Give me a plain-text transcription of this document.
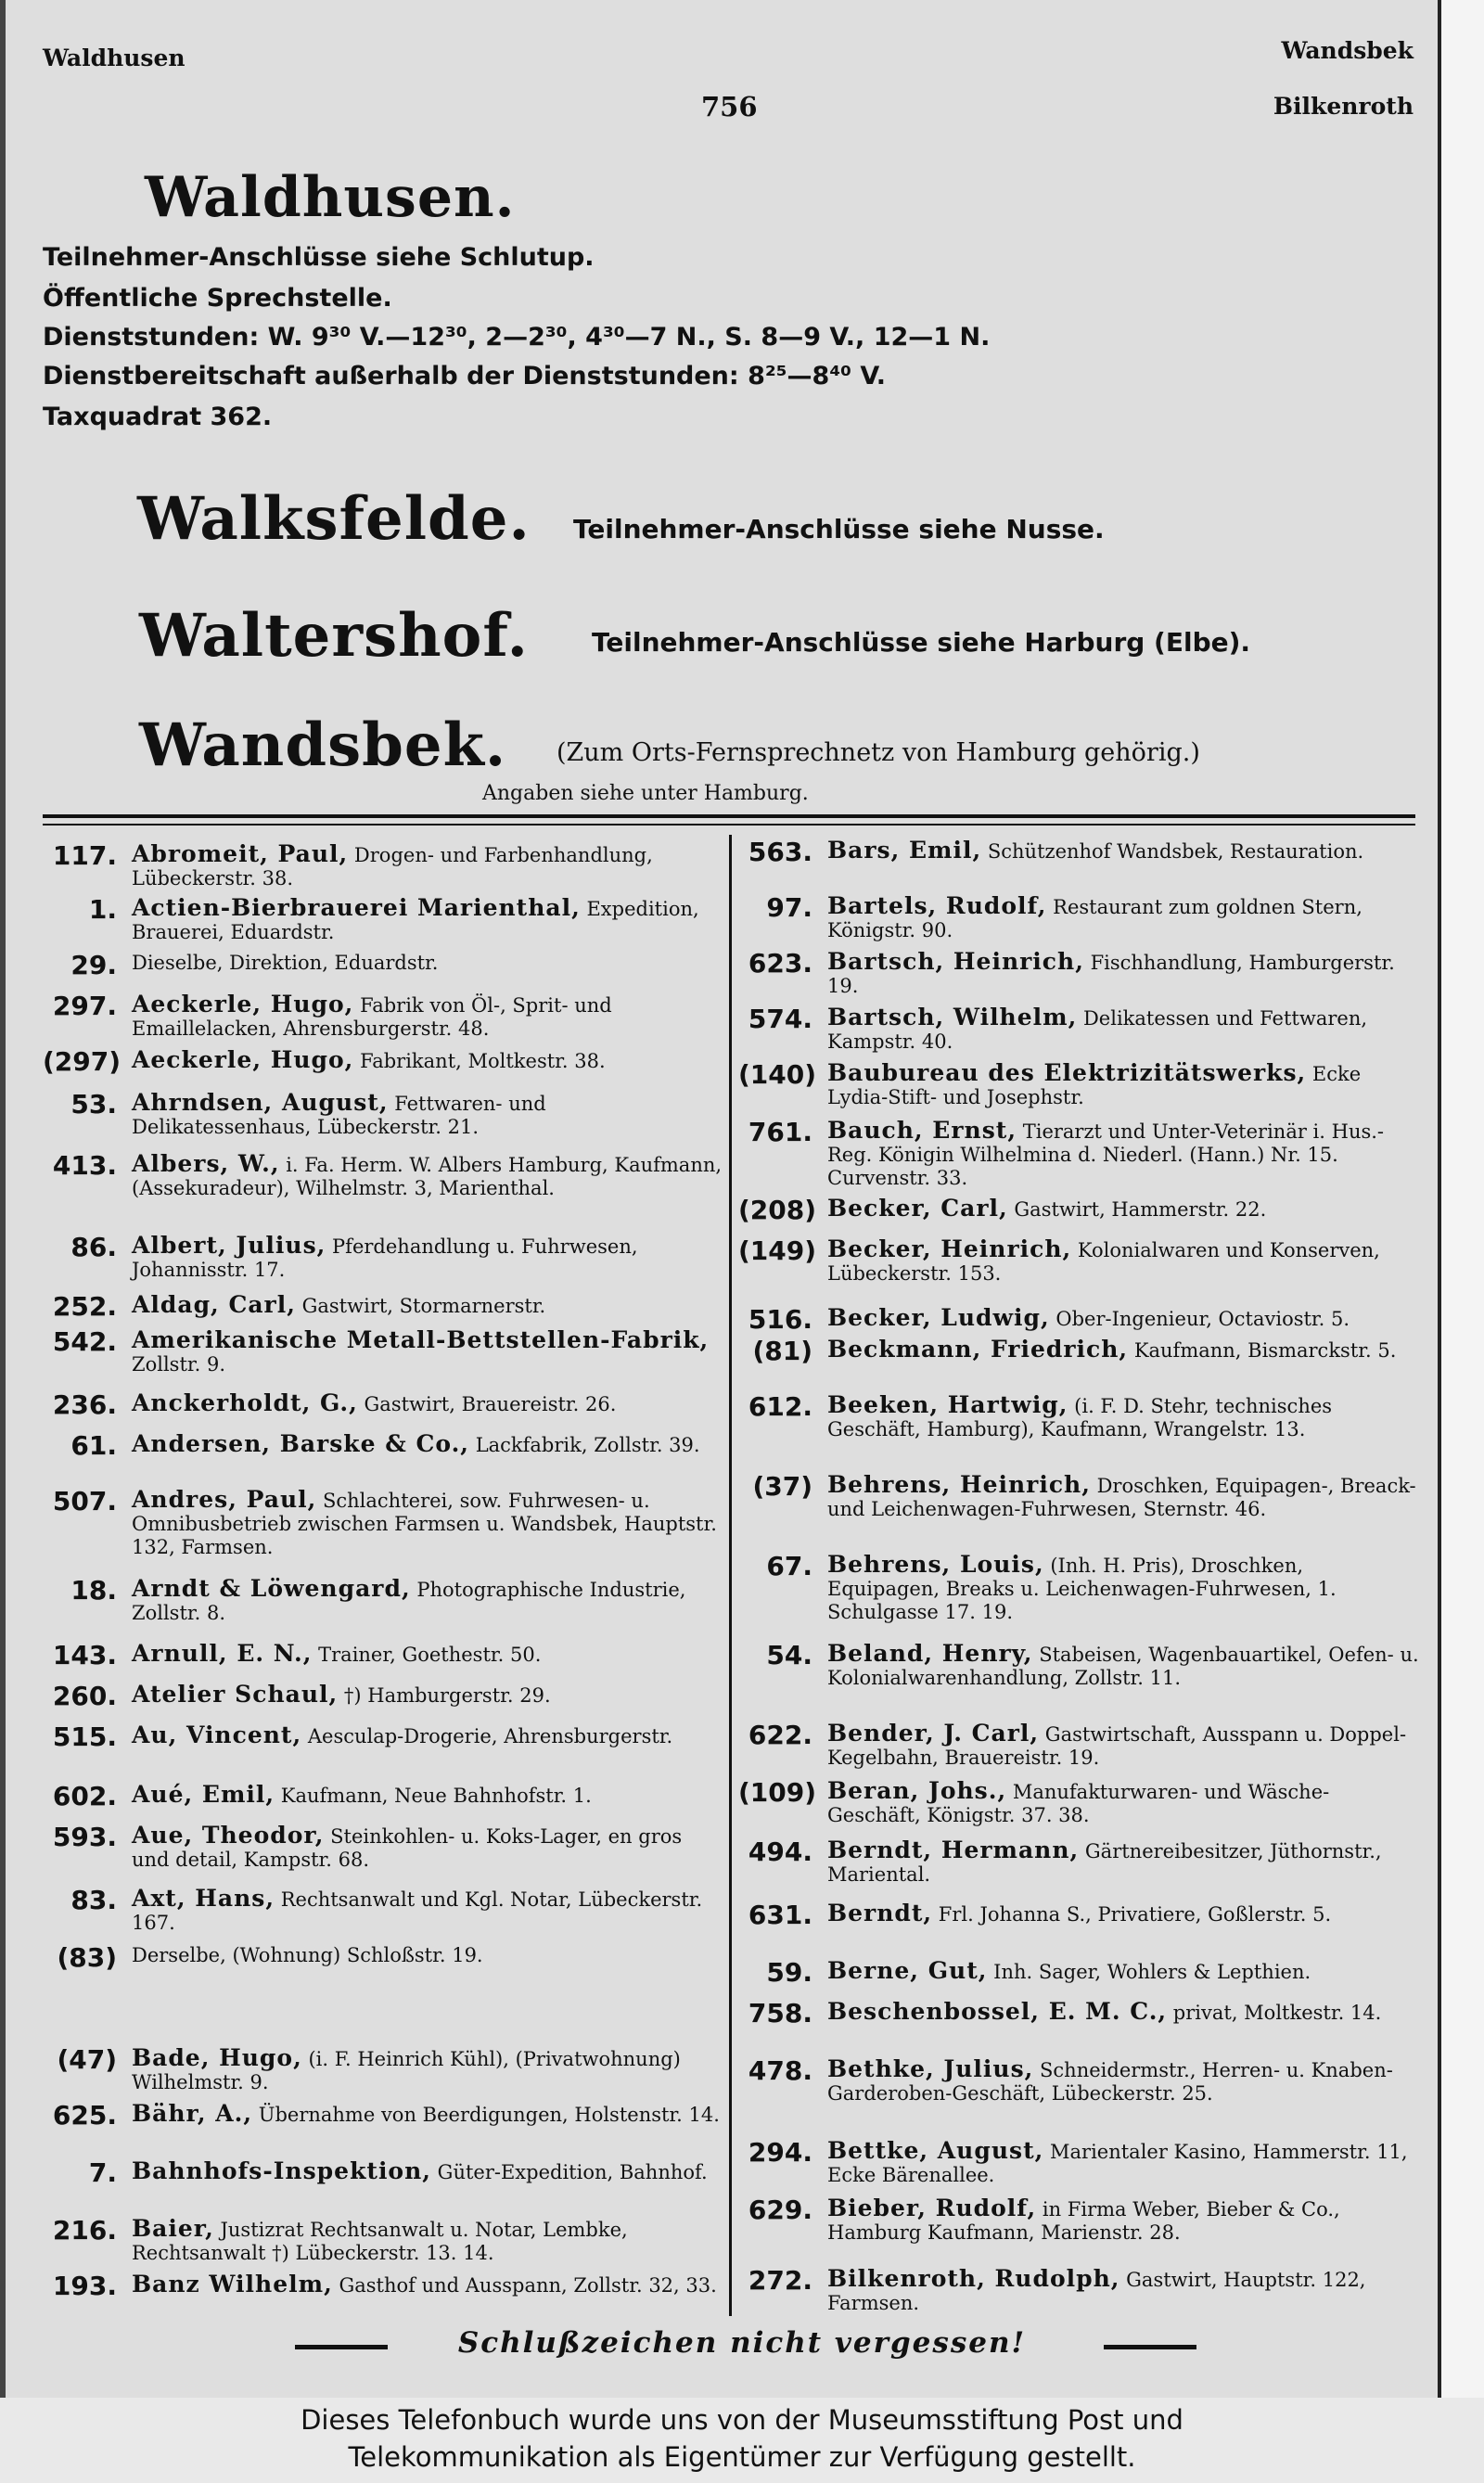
Waldhusen
756
Wandsbek
Bilkenroth
Waldhusen.
Teilnehmer-Anschlüsse siehe Schlutup.
Öffentliche Sprechstelle.
Dienststunden: W. 9³⁰ V.—12³⁰, 2—2³⁰, 4³⁰—7 N., S. 8—9 V., 12—1 N.
Dienstbereitschaft außerhalb der Dienststunden: 8²⁵—8⁴⁰ V.
Taxquadrat 362.
Walksfelde. Teilnehmer-Anschlüsse siehe Nusse.
Waltershof. Teilnehmer-Anschlüsse siehe Harburg (Elbe).
Wandsbek. (Zum Orts-Fernsprechnetz von Hamburg gehörig.)
Angaben siehe unter Hamburg.
117. Abromeit, Paul, Drogen- und Farbenhandlung, Lübeckerstr. 38.
1. Actien-Bierbrauerei Marienthal, Expedition, Brauerei, Eduardstr.
29. Dieselbe, Direktion, Eduardstr.
297. Aeckerle, Hugo, Fabrik von Öl-, Sprit- und Emaillelacken, Ahrensburgerstr. 48.
(297) Aeckerle, Hugo, Fabrikant, Moltkestr. 38.
53. Ahrndsen, August, Fettwaren- und Delikatessenhaus, Lübeckerstr. 21.
413. Albers, W., i. Fa. Herm. W. Albers Hamburg, Kaufmann, (Assekuradeur), Wilhelmstr. 3, Marienthal.
86. Albert, Julius, Pferdehandlung u. Fuhrwesen, Johannisstr. 17.
252. Aldag, Carl, Gastwirt, Stormarnerstr.
542. Amerikanische Metall-Bettstellen-Fabrik, Zollstr. 9.
236. Anckerholdt, G., Gastwirt, Brauereistr. 26.
61. Andersen, Barske & Co., Lackfabrik, Zollstr. 39.
507. Andres, Paul, Schlachterei, sow. Fuhrwesen- u. Omnibusbetrieb zwischen Farmsen u. Wandsbek, Hauptstr. 132, Farmsen.
18. Arndt & Löwengard, Photographische Industrie, Zollstr. 8.
143. Arnull, E. N., Trainer, Goethestr. 50.
260. Atelier Schaul, †) Hamburgerstr. 29.
515. Au, Vincent, Aesculap-Drogerie, Ahrensburgerstr.
602. Aué, Emil, Kaufmann, Neue Bahnhofstr. 1.
593. Aue, Theodor, Steinkohlen- u. Koks-Lager, en gros und detail, Kampstr. 68.
83. Axt, Hans, Rechtsanwalt und Kgl. Notar, Lübeckerstr. 167.
(83) Derselbe, (Wohnung) Schloßstr. 19.
(47) Bade, Hugo, (i. F. Heinrich Kühl), (Privatwohnung) Wilhelmstr. 9.
625. Bähr, A., Übernahme von Beerdigungen, Holstenstr. 14.
7. Bahnhofs-Inspektion, Güter-Expedition, Bahnhof.
216. Baier, Justizrat Rechtsanwalt u. Notar, Lembke, Rechtsanwalt †) Lübeckerstr. 13. 14.
193. Banz Wilhelm, Gasthof und Ausspann, Zollstr. 32, 33.
563. Bars, Emil, Schützenhof Wandsbek, Restauration.
97. Bartels, Rudolf, Restaurant zum goldnen Stern, Königstr. 90.
623. Bartsch, Heinrich, Fischhandlung, Hamburgerstr. 19.
574. Bartsch, Wilhelm, Delikatessen und Fettwaren, Kampstr. 40.
(140) Baubureau des Elektrizitätswerks, Ecke Lydia-Stift- und Josephstr.
761. Bauch, Ernst, Tierarzt und Unter-Veterinär i. Hus.-Reg. Königin Wilhelmina d. Niederl. (Hann.) Nr. 15. Curvenstr. 33.
(208) Becker, Carl, Gastwirt, Hammerstr. 22.
(149) Becker, Heinrich, Kolonialwaren und Konserven, Lübeckerstr. 153.
516. Becker, Ludwig, Ober-Ingenieur, Octaviostr. 5.
(81) Beckmann, Friedrich, Kaufmann, Bismarckstr. 5.
612. Beeken, Hartwig, (i. F. D. Stehr, technisches Geschäft, Hamburg), Kaufmann, Wrangelstr. 13.
(37) Behrens, Heinrich, Droschken, Equipagen-, Breack- und Leichenwagen-Fuhrwesen, Sternstr. 46.
67. Behrens, Louis, (Inh. H. Pris), Droschken, Equipagen, Breaks u. Leichenwagen-Fuhrwesen, 1. Schulgasse 17. 19.
54. Beland, Henry, Stabeisen, Wagenbauartikel, Oefen- u. Kolonialwarenhandlung, Zollstr. 11.
622. Bender, J. Carl, Gastwirtschaft, Ausspann u. Doppel-Kegelbahn, Brauereistr. 19.
(109) Beran, Johs., Manufakturwaren- und Wäsche-Geschäft, Königstr. 37. 38.
494. Berndt, Hermann, Gärtnereibesitzer, Jüthornstr., Mariental.
631. Berndt, Frl. Johanna S., Privatiere, Goßlerstr. 5.
59. Berne, Gut, Inh. Sager, Wohlers & Lepthien.
758. Beschenbossel, E. M. C., privat, Moltkestr. 14.
478. Bethke, Julius, Schneidermstr., Herren- u. Knaben-Garderoben-Geschäft, Lübeckerstr. 25.
294. Bettke, August, Marientaler Kasino, Hammerstr. 11, Ecke Bärenallee.
629. Bieber, Rudolf, in Firma Weber, Bieber & Co., Hamburg Kaufmann, Marienstr. 28.
272. Bilkenroth, Rudolph, Gastwirt, Hauptstr. 122, Farmsen.
Schlußzeichen nicht vergessen!
Dieses Telefonbuch wurde uns von der Museumsstiftung Post und
Telekommunikation als Eigentümer zur Verfügung gestellt.
